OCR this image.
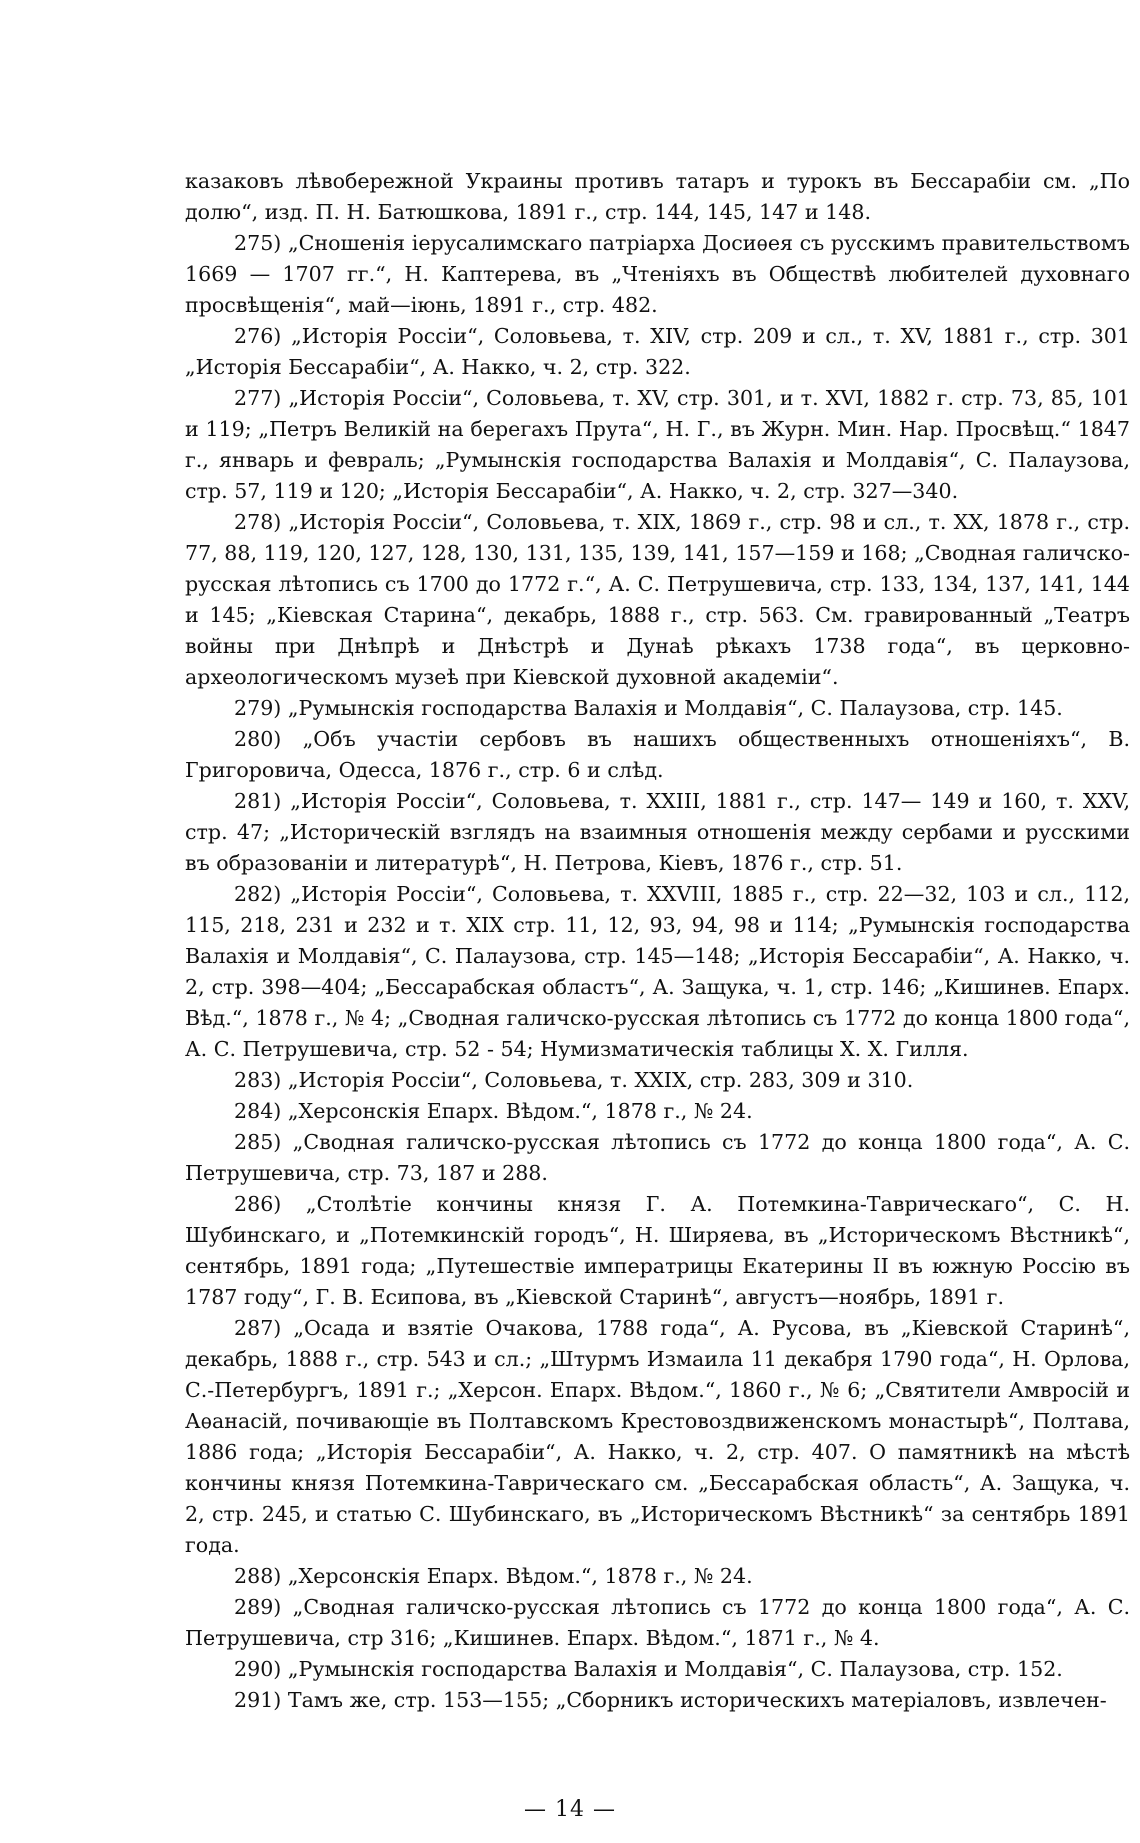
казаковъ лѣвобережной Украины противъ татаръ и турокъ въ Бессарабіи см. „По долю“, изд. П. Н. Батюшкова, 1891 г., стр. 144, 145, 147 и 148.

275) „Сношенія іерусалимскаго патріарха Досиѳея съ русскимъ правительствомъ 1669 — 1707 гг.“, Н. Каптерева, въ „Чтеніяхъ въ Обществѣ любителей духовнаго просвѣщенія“, май—іюнь, 1891 г., стр. 482.

276) „Исторія Россіи“, Соловьева, т. XIV, стр. 209 и сл., т. XV, 1881 г., стр. 301 „Исторія Бессарабіи“, А. Накко, ч. 2, стр. 322.

277) „Исторія Россіи“, Соловьева, т. XV, стр. 301, и т. XVI, 1882 г. стр. 73, 85, 101 и 119; „Петръ Великій на берегахъ Прута“, Н. Г., въ Журн. Мин. Нар. Просвѣщ.“ 1847 г., январь и февраль; „Румынскія господарства Валахія и Молдавія“, С. Палаузова, стр. 57, 119 и 120; „Исторія Бессарабіи“, А. Накко, ч. 2, стр. 327—340.

278) „Исторія Россіи“, Соловьева, т. XIX, 1869 г., стр. 98 и сл., т. XX, 1878 г., стр. 77, 88, 119, 120, 127, 128, 130, 131, 135, 139, 141, 157—159 и 168; „Сводная галичско-русская лѣтопись съ 1700 до 1772 г.“, А. С. Петрушевича, стр. 133, 134, 137, 141, 144 и 145; „Кіевская Старина“, декабрь, 1888 г., стр. 563. См. гравированный „Театръ войны при Днѣпрѣ и Днѣстрѣ и Дунаѣ рѣкахъ 1738 года“, въ церковно-археологическомъ музеѣ при Кіевской духовной академіи“.

279) „Румынскія господарства Валахія и Молдавія“, С. Палаузова, стр. 145.

280) „Объ участіи сербовъ въ нашихъ общественныхъ отношеніяхъ“, В. Григоровича, Одесса, 1876 г., стр. 6 и слѣд.

281) „Исторія Россіи“, Соловьева, т. XXIII, 1881 г., стр. 147— 149 и 160, т. XXV, стр. 47; „Историческій взглядъ на взаимныя отношенія между сербами и русскими въ образованіи и литературѣ“, Н. Петрова, Кіевъ, 1876 г., стр. 51.

282) „Исторія Россіи“, Соловьева, т. XXVIII, 1885 г., стр. 22—32, 103 и сл., 112, 115, 218, 231 и 232 и т. XIX стр. 11, 12, 93, 94, 98 и 114; „Румынскія господарства Валахія и Молдавія“, С. Палаузова, стр. 145—148; „Исторія Бессарабіи“, А. Накко, ч. 2, стр. 398—404; „Бессарабская областъ“, А. Защука, ч. 1, стр. 146; „Кишинев. Епарх. Вѣд.“, 1878 г., № 4; „Сводная галичско-русская лѣтопись съ 1772 до конца 1800 года“, А. С. Петрушевича, стр. 52 - 54; Нумизматическія таблицы Х. Х. Гилля.

283) „Исторія Россіи“, Соловьева, т. XXIX, стр. 283, 309 и 310.

284) „Херсонскія Епарх. Вѣдом.“, 1878 г., № 24.

285) „Сводная галичско-русская лѣтопись съ 1772 до конца 1800 года“, А. С. Петрушевича, стр. 73, 187 и 288.

286) „Столѣтіе кончины князя Г. А. Потемкина-Таврическаго“, С. Н. Шубинскаго, и „Потемкинскій городъ“, Н. Ширяева, въ „Историческомъ Вѣстникѣ“, сентябрь, 1891 года; „Путешествіе императрицы Екатерины II въ южную Россію въ 1787 году“, Г. В. Есипова, въ „Кіевской Старинѣ“, августъ—ноябрь, 1891 г.

287) „Осада и взятіе Очакова, 1788 года“, А. Русова, въ „Кіевской Старинѣ“, декабрь, 1888 г., стр. 543 и сл.; „Штурмъ Измаила 11 декабря 1790 года“, Н. Орлова, С.-Петербургъ, 1891 г.; „Херсон. Епарх. Вѣдом.“, 1860 г., № 6; „Святители Амвросій и Аѳанасій, почивающіе въ Полтавскомъ Крестовоздвиженскомъ монастырѣ“, Полтава, 1886 года; „Исторія Бессарабіи“, А. Накко, ч. 2, стр. 407. О памятникѣ на мѣстѣ кончины князя Потемкина-Таврическаго см. „Бессарабская область“, А. Защука, ч. 2, стр. 245, и статью С. Шубинскаго, въ „Историческомъ Вѣстникѣ“ за сентябрь 1891 года.

288) „Херсонскія Епарх. Вѣдом.“, 1878 г., № 24.

289) „Сводная галичско-русская лѣтопись съ 1772 до конца 1800 года“, А. С. Петрушевича, стр 316; „Кишинев. Епарх. Вѣдом.“, 1871 г., № 4.

290) „Румынскія господарства Валахія и Молдавія“, С. Палаузова, стр. 152.

291) Тамъ же, стр. 153—155; „Сборникъ историческихъ матеріаловъ, извлечен-

— 14 —
